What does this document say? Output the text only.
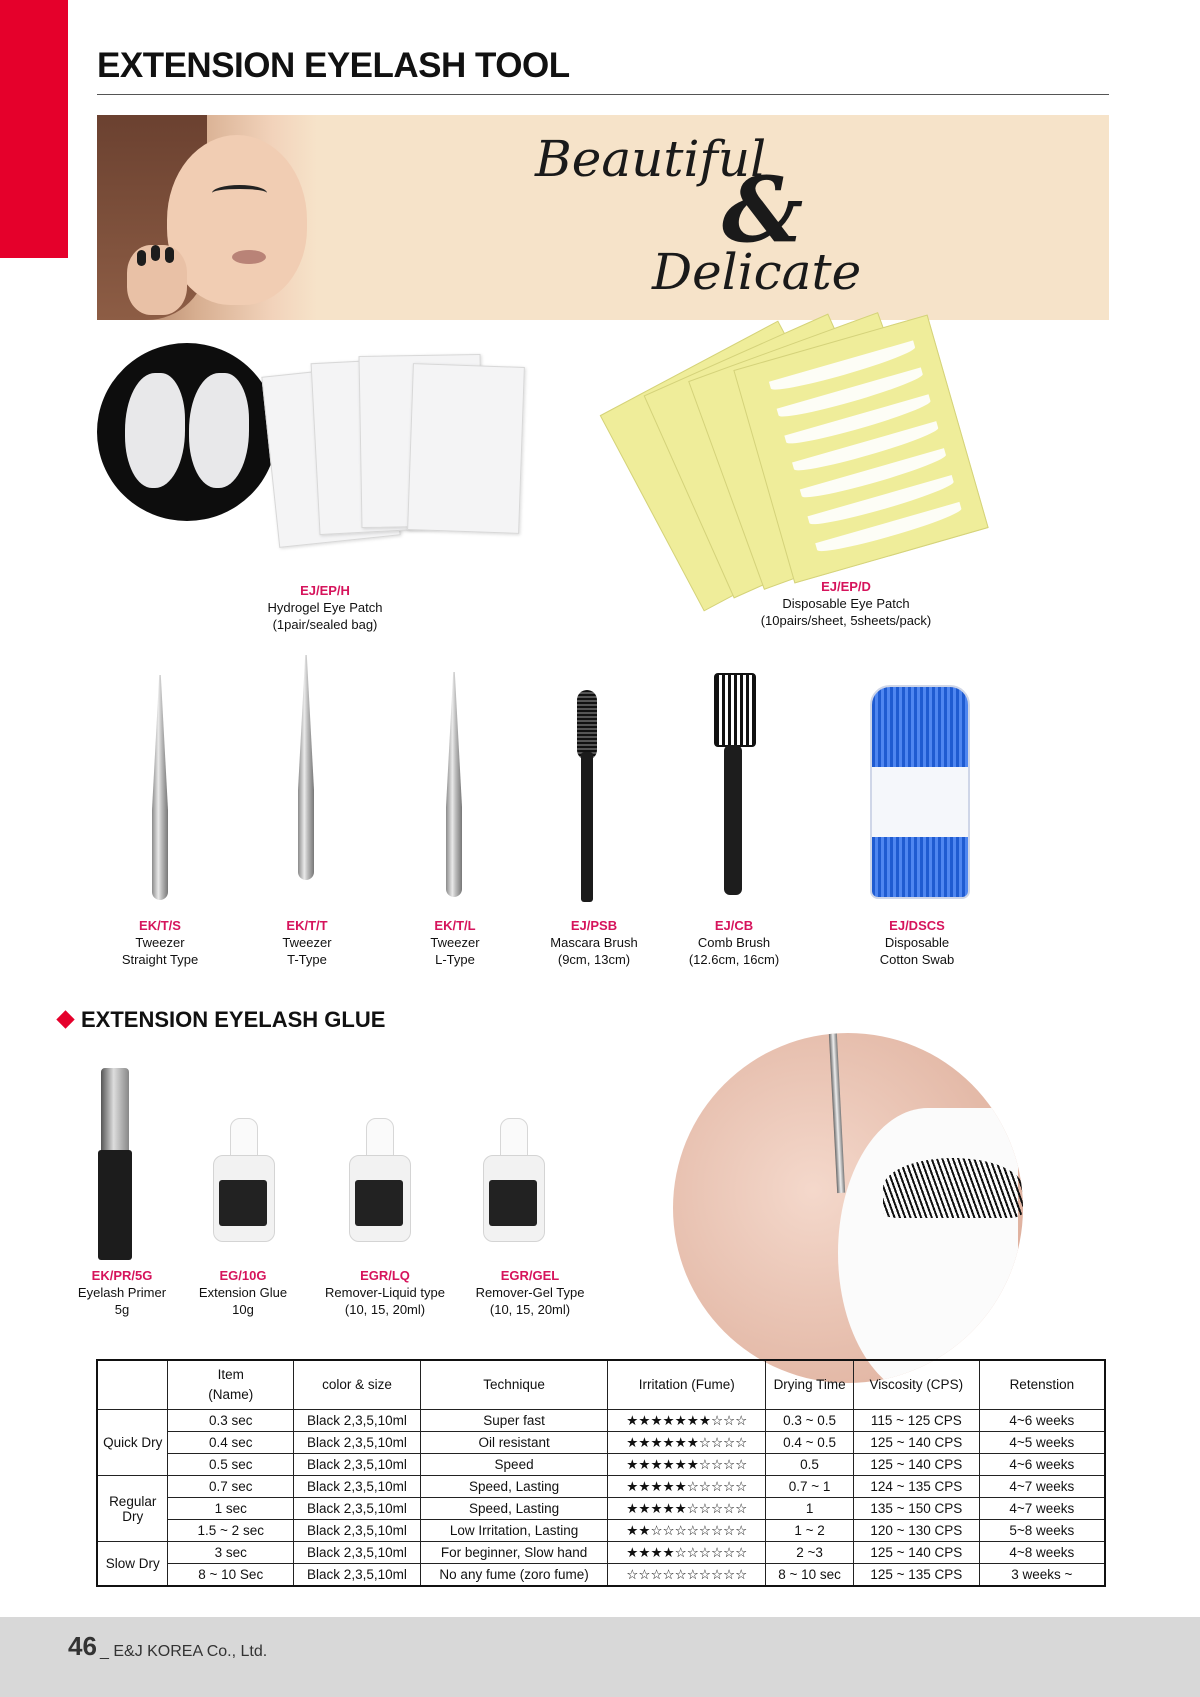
EXTENSION EYELASH TOOL
Beautiful
&
Delicate
EJ/EP/H
Hydrogel Eye Patch
(1pair/sealed bag)
EJ/EP/D
Disposable Eye Patch
(10pairs/sheet, 5sheets/pack)
EK/T/S
Tweezer
Straight Type
EK/T/T
Tweezer
T-Type
EK/T/L
Tweezer
L-Type
EJ/PSB
Mascara Brush
(9cm, 13cm)
EJ/CB
Comb Brush
(12.6cm, 16cm)
EJ/DSCS
Disposable
Cotton Swab
EXTENSION EYELASH GLUE
EK/PR/5G
Eyelash Primer
5g
EG/10G
Extension Glue
10g
EGR/LQ
Remover-Liquid type
(10, 15, 20ml)
EGR/GEL
Remover-Gel Type
(10, 15, 20ml)
	Item
(Name)	color & size	Technique	Irritation (Fume)	Drying Time	Viscosity (CPS)	Retenstion
Quick Dry	0.3 sec	Black 2,3,5,10ml	Super fast	★★★★★★★☆☆☆	0.3 ~ 0.5	115 ~ 125 CPS	4~6 weeks
	0.4 sec	Black 2,3,5,10ml	Oil resistant	★★★★★★☆☆☆☆	0.4 ~ 0.5	125 ~ 140 CPS	4~5 weeks
	0.5 sec	Black 2,3,5,10ml	Speed	★★★★★★☆☆☆☆	0.5	125 ~ 140 CPS	4~6 weeks
Regular Dry	0.7 sec	Black 2,3,5,10ml	Speed, Lasting	★★★★★☆☆☆☆☆	0.7 ~ 1	124 ~ 135 CPS	4~7 weeks
	1 sec	Black 2,3,5,10ml	Speed, Lasting	★★★★★☆☆☆☆☆	1	135 ~ 150 CPS	4~7 weeks
	1.5 ~ 2 sec	Black 2,3,5,10ml	Low Irritation, Lasting	★★☆☆☆☆☆☆☆☆	1 ~ 2	120 ~ 130 CPS	5~8 weeks
Slow Dry	3 sec	Black 2,3,5,10ml	For beginner, Slow hand	★★★★☆☆☆☆☆☆	2 ~3	125 ~ 140 CPS	4~8 weeks
	8 ~ 10 Sec	Black 2,3,5,10ml	No any fume (zoro fume)	☆☆☆☆☆☆☆☆☆☆	8 ~ 10 sec	125 ~ 135 CPS	3 weeks ~
46 _ E&J KOREA Co., Ltd.
